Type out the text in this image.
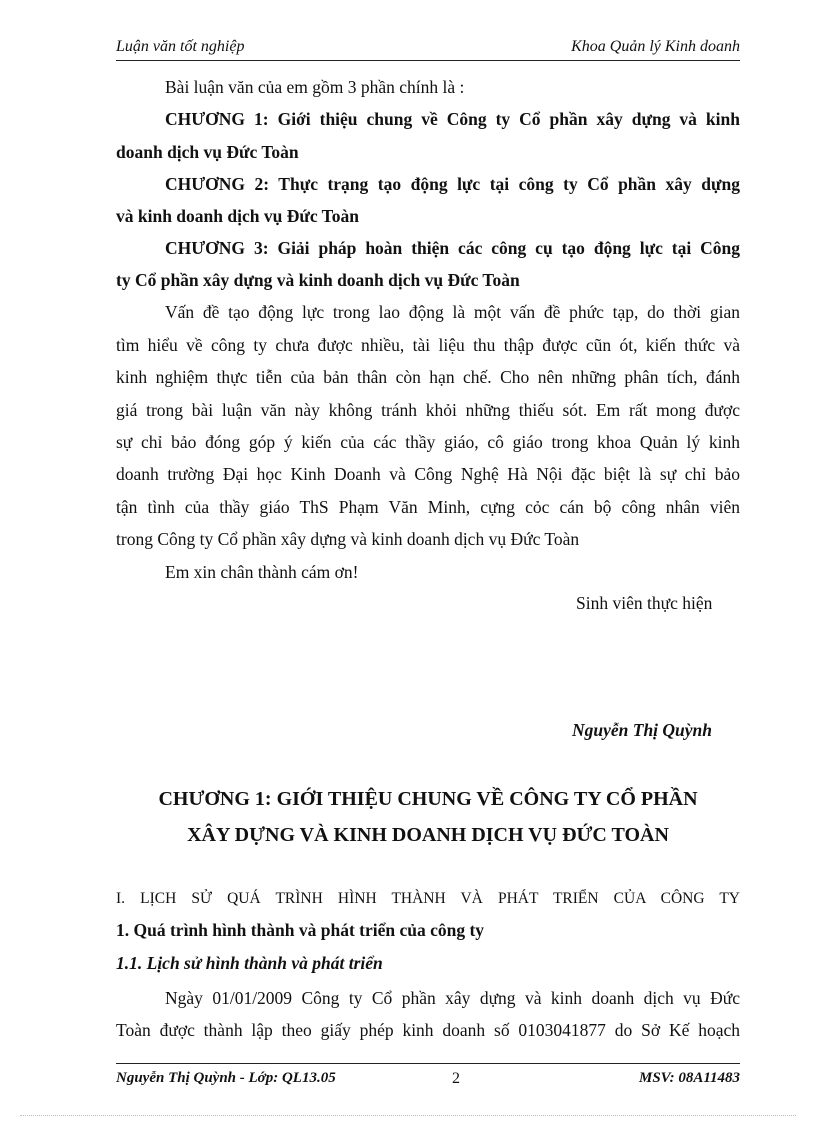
Luận văn tốt nghiệp	Khoa Quản lý Kinh doanh
Bài luận văn của em gồm 3 phần chính là :
CHƯƠNG 1: Giới thiệu chung về Công ty Cổ phần xây dựng và kinh
doanh dịch vụ Đức Toàn
CHƯƠNG 2: Thực trạng tạo động lực tại công ty Cổ phần xây dựng
và kinh doanh dịch vụ Đức Toàn
CHƯƠNG 3: Giải pháp hoàn thiện các công cụ tạo động lực tại Công
ty Cổ phần xây dựng và kinh doanh dịch vụ Đức Toàn
Vấn đề tạo động lực trong lao động là một vấn đề phức tạp, do thời gian
tìm hiểu về công ty chưa được nhiều, tài liệu thu thập được cũn ót, kiến thức và
kinh nghiệm thực tiễn của bản thân còn hạn chế. Cho nên những phân tích, đánh
giá trong bài luận văn này không tránh khỏi những thiếu sót. Em rất mong được
sự chỉ bảo đóng góp ý kiến của các thầy giáo, cô giáo trong khoa Quản lý kinh
doanh trường Đại học Kinh Doanh và Công Nghệ Hà Nội đặc biệt là sự chỉ bảo
tận tình của thầy giáo ThS Phạm Văn Minh, cựng cỏc cán bộ công nhân viên
trong Công ty Cổ phần xây dựng và kinh doanh dịch vụ Đức Toàn
Em xin chân thành cám ơn!
Sinh viên thực hiện
Nguyễn Thị Quỳnh
CHƯƠNG 1: GIỚI THIỆU CHUNG VỀ CÔNG TY CỔ PHẦN
XÂY DỰNG VÀ KINH DOANH DỊCH VỤ ĐỨC TOÀN
I. LỊCH SỬ QUÁ TRÌNH HÌNH THÀNH VÀ PHÁT TRIỂN CỦA CÔNG TY
1. Quá trình hình thành và phát triển của công ty
1.1. Lịch sử hình thành và phát triển
Ngày 01/01/2009 Công ty Cổ phần xây dựng và kinh doanh dịch vụ Đức
Toàn được thành lập theo giấy phép kinh doanh số 0103041877 do Sở Kế hoạch
Nguyễn Thị Quỳnh - Lớp: QL13.05	2	MSV: 08A11483
